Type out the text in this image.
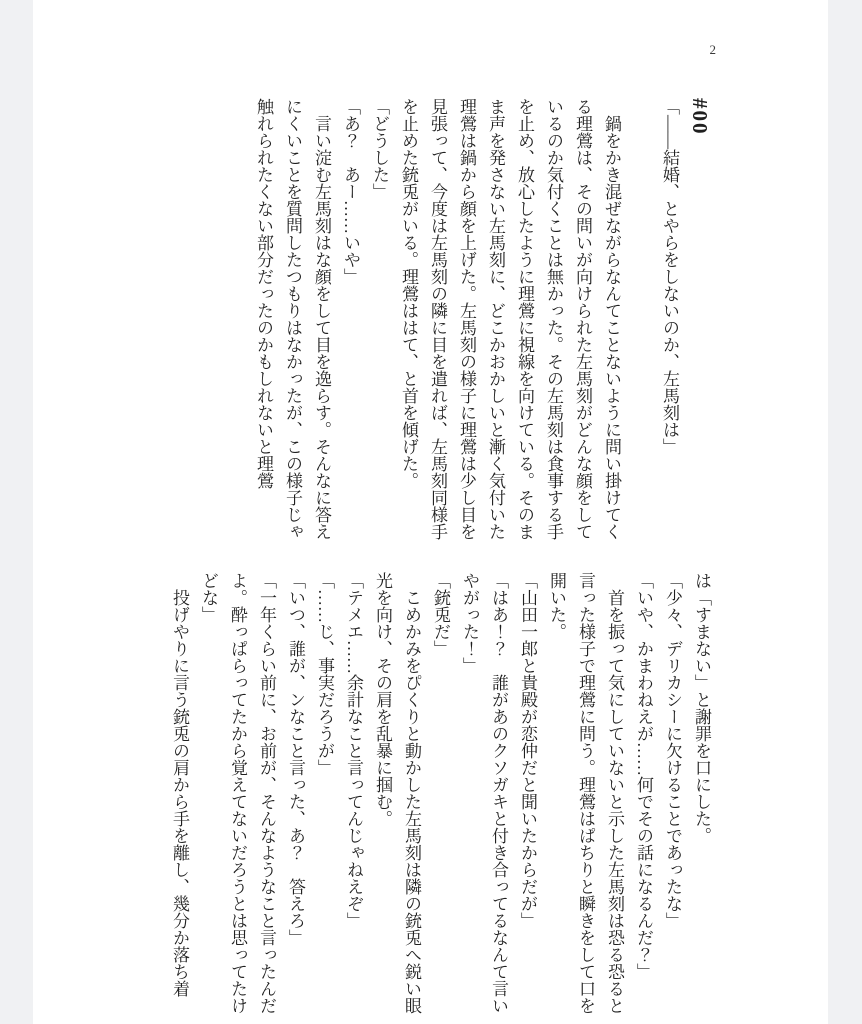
2

#00

「——結婚、とやらをしないのか、左馬刻は」

鍋をかき混ぜながらなんてことないように問い掛けてくる理鶯は、その問いが向けられた左馬刻がどんな顔をしているのか気付くことは無かった。その左馬刻は食事する手を止め、放心したように理鶯に視線を向けている。そのまま声を発さない左馬刻に、どこかおかしいと漸く気付いた理鶯は鍋から顔を上げた。左馬刻の様子に理鶯は少し目を見張って、今度は左馬刻の隣に目を遣れば、左馬刻同様手を止めた銃兎がいる。理鶯ははて、と首を傾げた。

「どうした」

「あ？　あー……いや」

言い淀む左馬刻はな顔をして目を逸らす。そんなに答えにくいことを質問したつもりはなかったが、この様子じゃ触れられたくない部分だったのかもしれないと理鶯

は「すまない」と謝罪を口にした。

「少々、デリカシーに欠けることであったな」

「いや、かまわねえが……何でその話になるんだ？」

首を振って気にしていないと示した左馬刻は恐る恐ると言った様子で理鶯に問う。理鶯はぱちりと瞬きをして口を開いた。

「山田一郎と貴殿が恋仲だと聞いたからだが」

「はあ！？　誰があのクソガキと付き合ってるなんて言いやがった！」

「銃兎だ」

こめかみをぴくりと動かした左馬刻は隣の銃兎へ鋭い眼光を向け、その肩を乱暴に掴む。

「テメエ……余計なこと言ってんじゃねえぞ」

「……じ、事実だろうが」

「いつ、誰が、ンなこと言った、あ？　答えろ」

「一年くらい前に、お前が、そんなようなこと言ったんだよ。酔っぱらってたから覚えてないだろうとは思ってたけどな」

投げやりに言う銃兎の肩から手を離し、幾分か落ち着
